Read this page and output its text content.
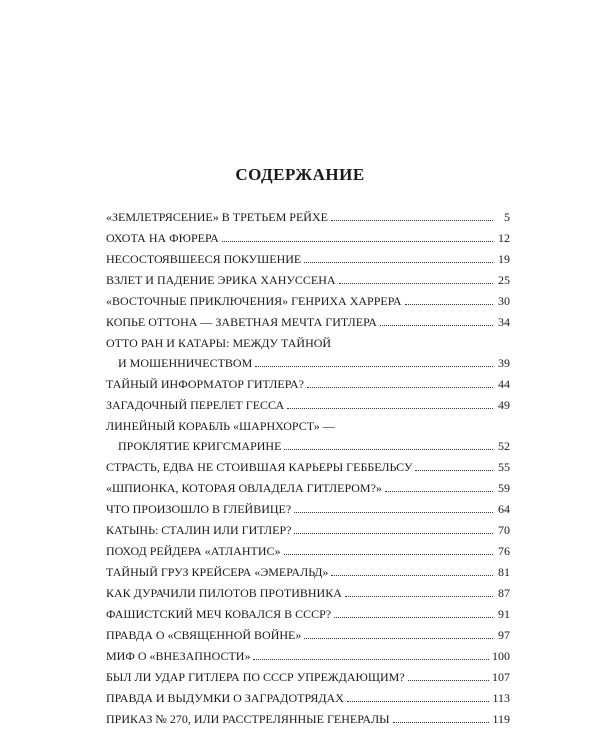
СОДЕРЖАНИЕ
«ЗЕМЛЕТРЯСЕНИЕ» В ТРЕТЬЕМ РЕЙХЕ	5
ОХОТА НА ФЮРЕРА	12
НЕСОСТОЯВШЕЕСЯ ПОКУШЕНИЕ	19
ВЗЛЕТ И ПАДЕНИЕ ЭРИКА ХАНУССЕНА	25
«ВОСТОЧНЫЕ ПРИКЛЮЧЕНИЯ» ГЕНРИХА ХАРРЕРА	30
КОПЬЕ ОТТОНА — ЗАВЕТНАЯ МЕЧТА ГИТЛЕРА	34
ОТТО РАН И КАТАРЫ: МЕЖДУ ТАЙНОЙ
И МОШЕННИЧЕСТВОМ	39
ТАЙНЫЙ ИНФОРМАТОР ГИТЛЕРА?	44
ЗАГАДОЧНЫЙ ПЕРЕЛЕТ ГЕССА	49
ЛИНЕЙНЫЙ КОРАБЛЬ «ШАРНХОРСТ» —
ПРОКЛЯТИЕ КРИГСМАРИНЕ	52
СТРАСТЬ, ЕДВА НЕ СТОИВШАЯ КАРЬЕРЫ ГЕББЕЛЬСУ	55
«ШПИОНКА, КОТОРАЯ ОВЛАДЕЛА ГИТЛЕРОМ?»	59
ЧТО ПРОИЗОШЛО В ГЛЕЙВИЦЕ?	64
КАТЫНЬ: СТАЛИН ИЛИ ГИТЛЕР?	70
ПОХОД РЕЙДЕРА «АТЛАНТИС»	76
ТАЙНЫЙ ГРУЗ КРЕЙСЕРА «ЭМЕРАЛЬД»	81
КАК ДУРАЧИЛИ ПИЛОТОВ ПРОТИВНИКА	87
ФАШИСТСКИЙ МЕЧ КОВАЛСЯ В СССР?	91
ПРАВДА О «СВЯЩЕННОЙ ВОЙНЕ»	97
МИФ О «ВНЕЗАПНОСТИ»	100
БЫЛ ЛИ УДАР ГИТЛЕРА ПО СССР УПРЕЖДАЮЩИМ?	107
ПРАВДА И ВЫДУМКИ О ЗАГРАДОТРЯДАХ	113
ПРИКАЗ № 270, ИЛИ РАССТРЕЛЯННЫЕ ГЕНЕРАЛЫ	119
